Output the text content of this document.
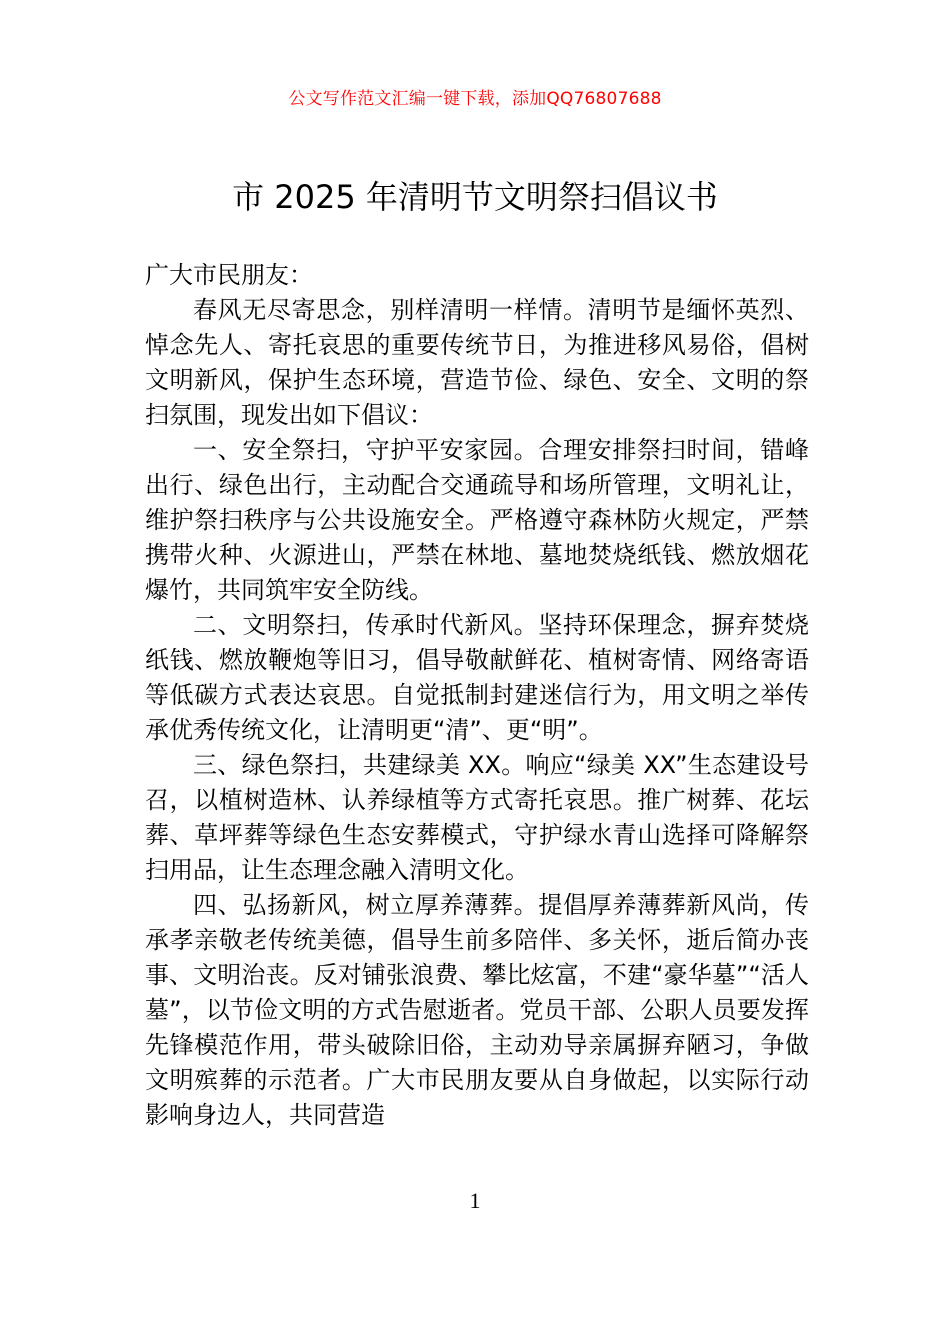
公文写作范文汇编一键下载，添加QQ76807688
市 2025 年清明节文明祭扫倡议书

广大市民朋友：

春风无尽寄思念，别样清明一样情。清明节是缅怀英烈、悼念先人、寄托哀思的重要传统节日，为推进移风易俗，倡树文明新风，保护生态环境，营造节俭、绿色、安全、文明的祭扫氛围，现发出如下倡议：

一、安全祭扫，守护平安家园。合理安排祭扫时间，错峰出行、绿色出行，主动配合交通疏导和场所管理，文明礼让，维护祭扫秩序与公共设施安全。严格遵守森林防火规定，严禁携带火种、火源进山，严禁在林地、墓地焚烧纸钱、燃放烟花爆竹，共同筑牢安全防线。

二、文明祭扫，传承时代新风。坚持环保理念，摒弃焚烧纸钱、燃放鞭炮等旧习，倡导敬献鲜花、植树寄情、网络寄语等低碳方式表达哀思。自觉抵制封建迷信行为，用文明之举传承优秀传统文化，让清明更“清”、更“明”。

三、绿色祭扫，共建绿美 XX。响应“绿美 XX”生态建设号召，以植树造林、认养绿植等方式寄托哀思。推广树葬、花坛葬、草坪葬等绿色生态安葬模式，守护绿水青山选择可降解祭扫用品，让生态理念融入清明文化。

四、弘扬新风，树立厚养薄葬。提倡厚养薄葬新风尚，传承孝亲敬老传统美德，倡导生前多陪伴、多关怀，逝后简办丧事、文明治丧。反对铺张浪费、攀比炫富，不建“豪华墓”“活人墓”，以节俭文明的方式告慰逝者。党员干部、公职人员要发挥先锋模范作用，带头破除旧俗，主动劝导亲属摒弃陋习，争做文明殡葬的示范者。广大市民朋友要从自身做起，以实际行动影响身边人，共同营造

1
